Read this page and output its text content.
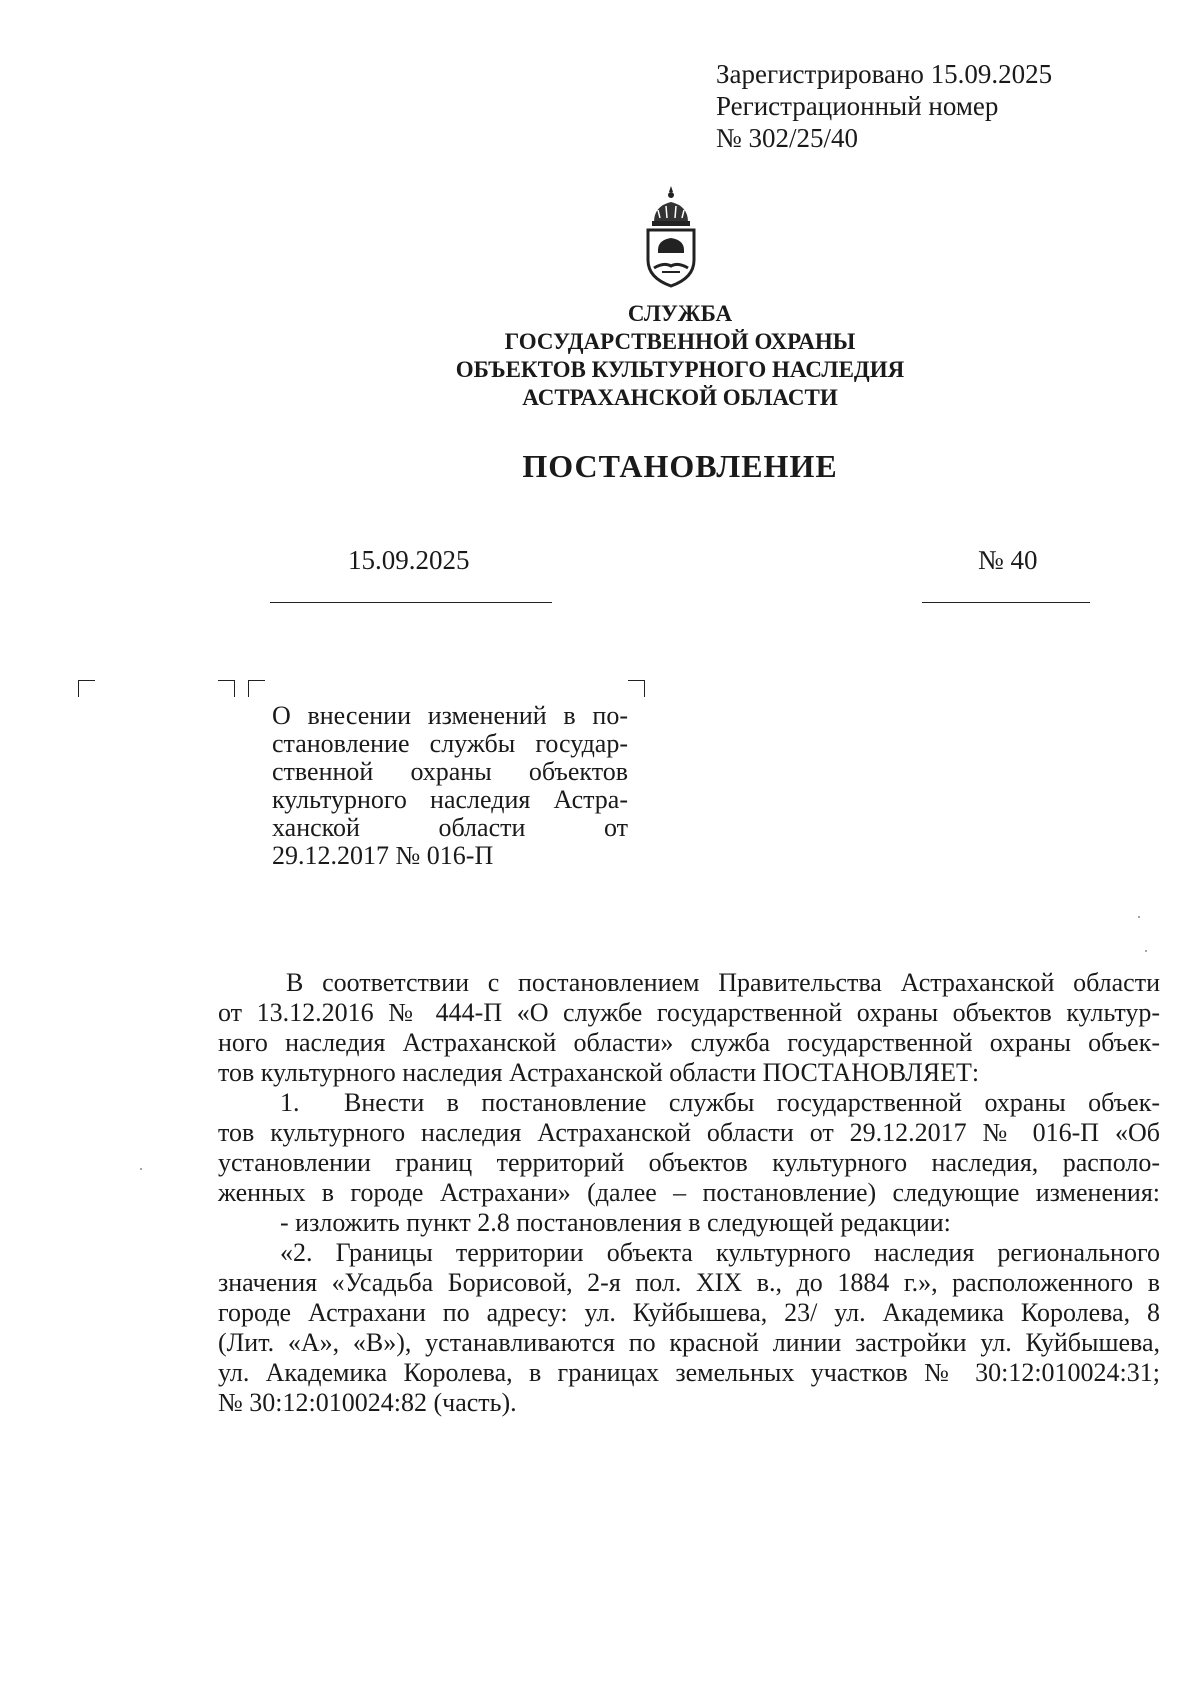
Зарегистрировано 15.09.2025
Регистрационный номер
№ 302/25/40
СЛУЖБА
ГОСУДАРСТВЕННОЙ ОХРАНЫ
ОБЪЕКТОВ КУЛЬТУРНОГО НАСЛЕДИЯ
АСТРАХАНСКОЙ ОБЛАСТИ
ПОСТАНОВЛЕНИЕ
15.09.2025	№ 40
О внесении изменений в по-
становление службы государ-
ственной охраны объектов
культурного наследия Астра-
ханской области от
29.12.2017 № 016-П
В соответствии с постановлением Правительства Астраханской области
от 13.12.2016 № 444-П «О службе государственной охраны объектов культур-
ного наследия Астраханской области» служба государственной охраны объек-
тов культурного наследия Астраханской области ПОСТАНОВЛЯЕТ:
1. Внести в постановление службы государственной охраны объек-
тов культурного наследия Астраханской области от 29.12.2017 № 016-П «Об
установлении границ территорий объектов культурного наследия, располо-
женных в городе Астрахани» (далее – постановление) следующие изменения:
- изложить пункт 2.8 постановления в следующей редакции:
«2. Границы территории объекта культурного наследия регионального
значения «Усадьба Борисовой, 2-я пол. XIX в., до 1884 г.», расположенного в
городе Астрахани по адресу: ул. Куйбышева, 23/ ул. Академика Королева, 8
(Лит. «А», «В»), устанавливаются по красной линии застройки ул. Куйбышева,
ул. Академика Королева, в границах земельных участков № 30:12:010024:31;
№ 30:12:010024:82 (часть).
